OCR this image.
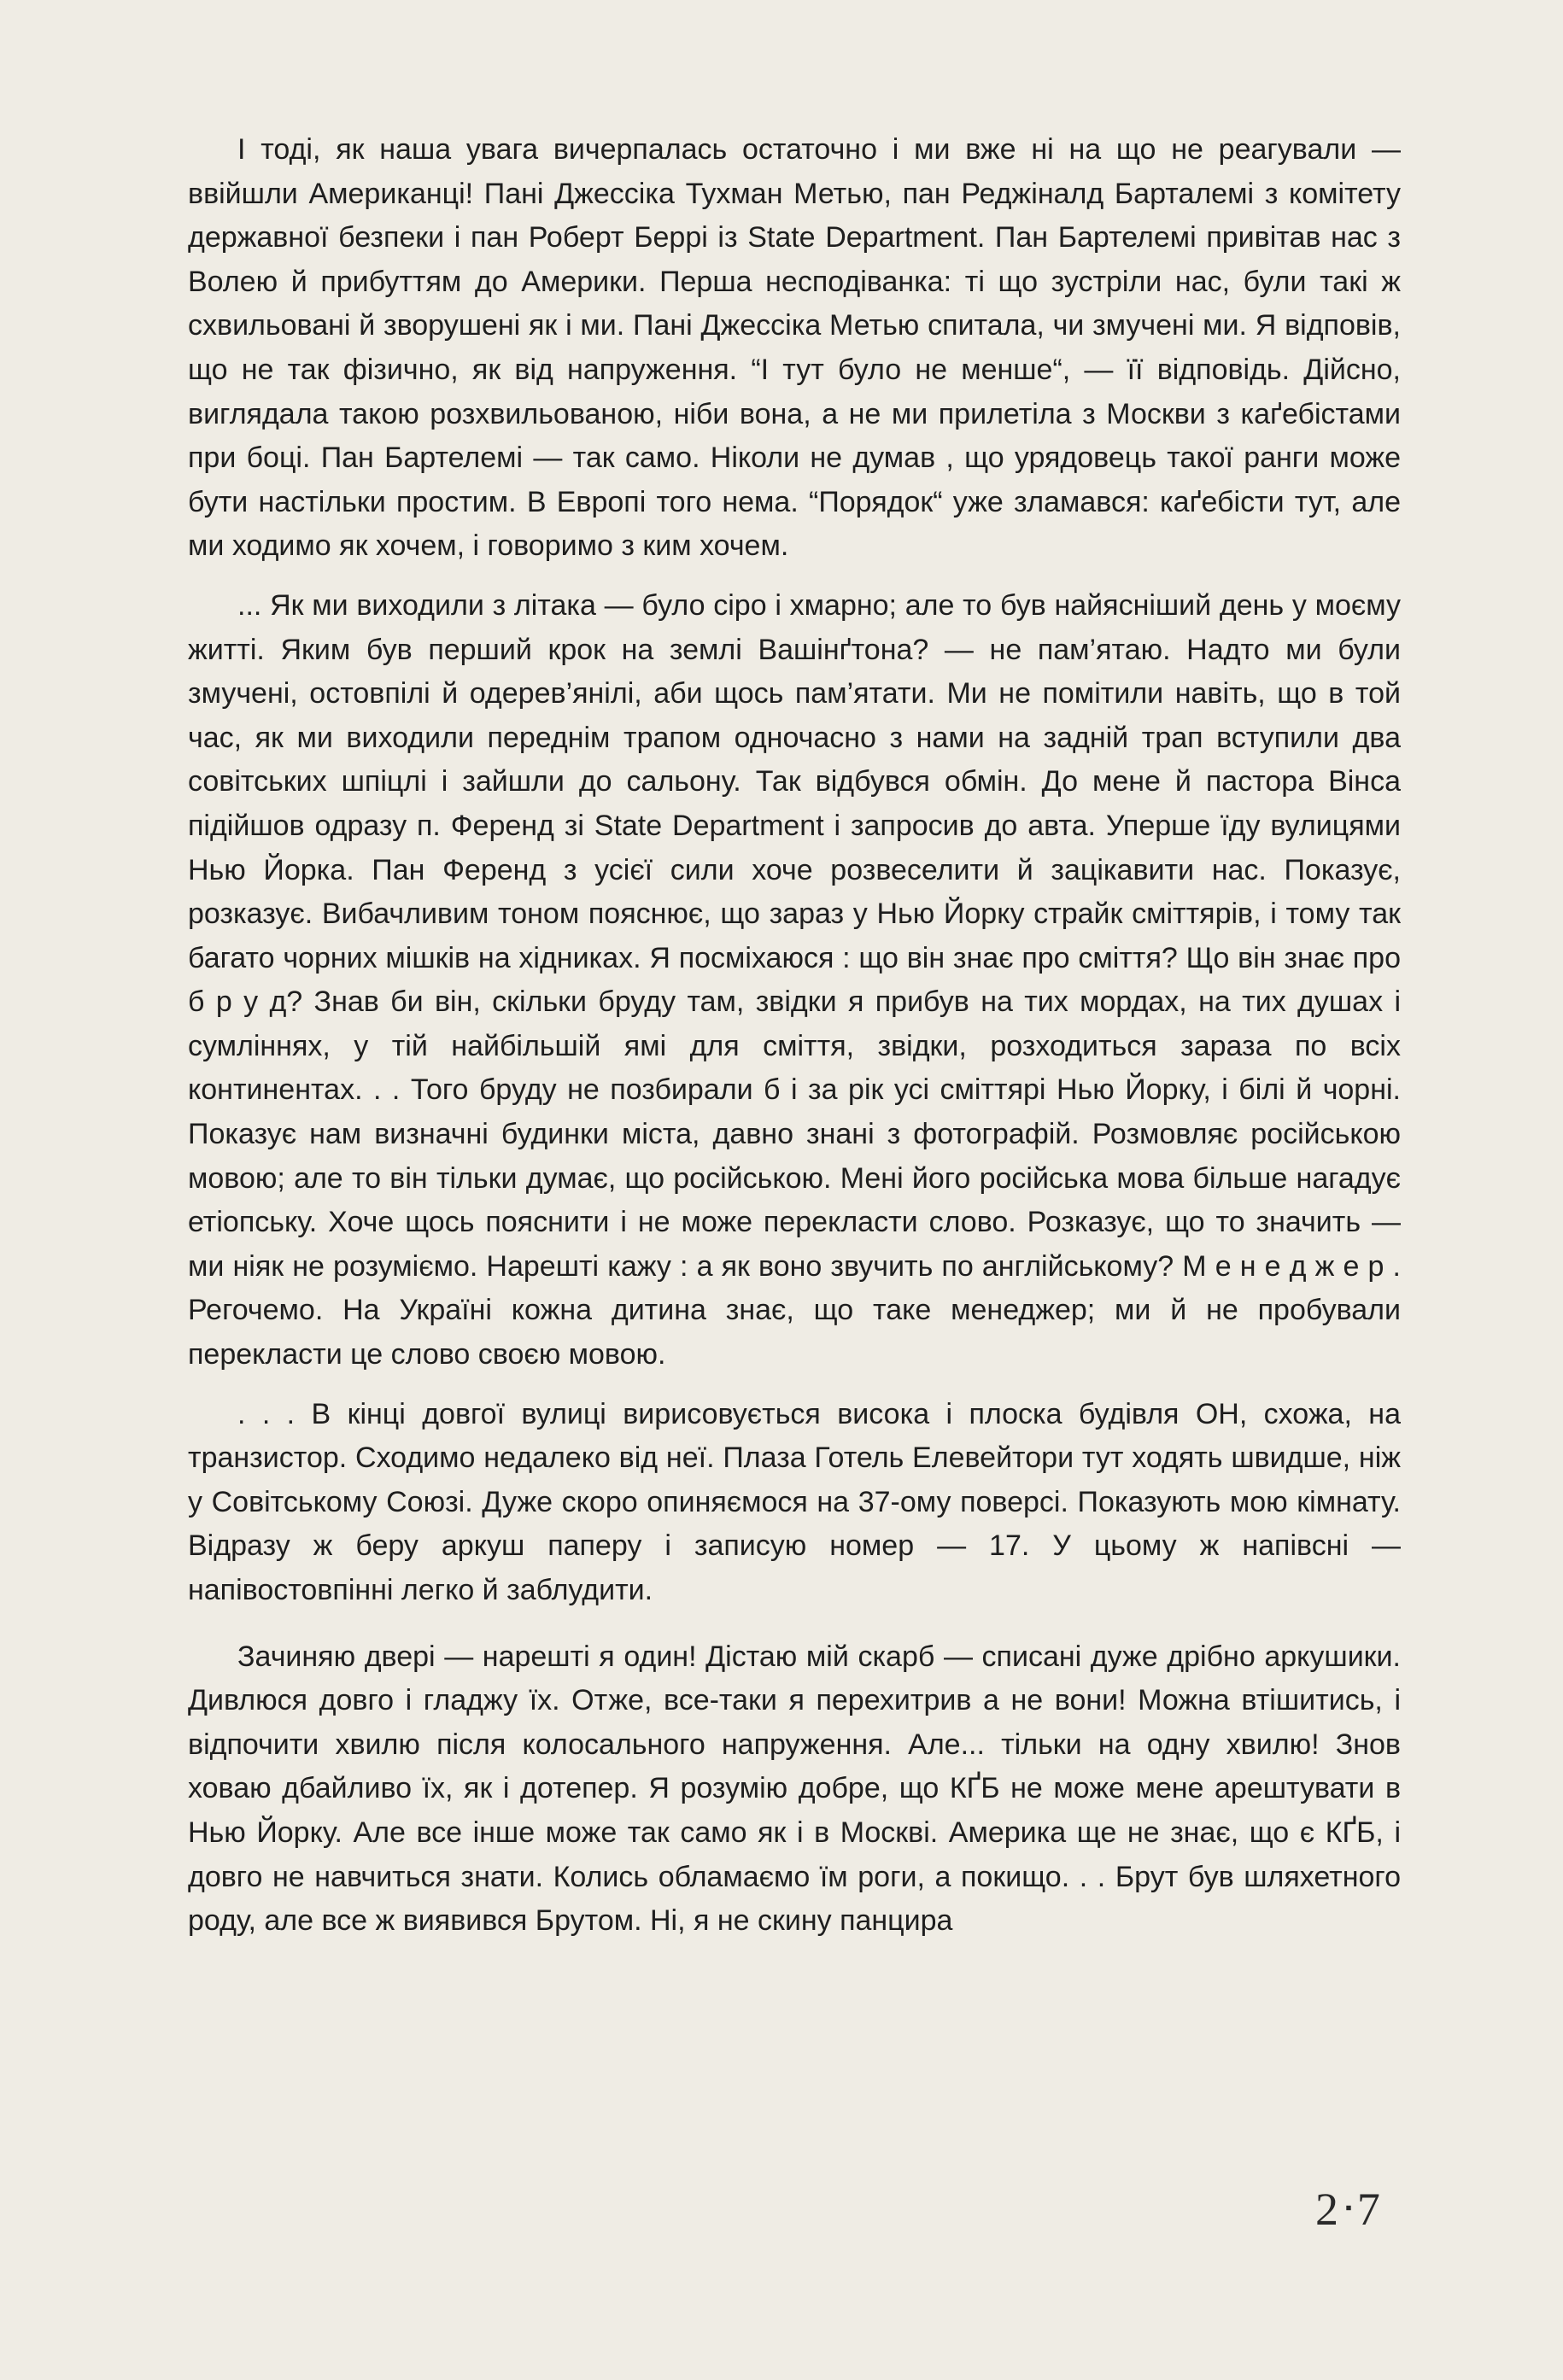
І тоді, як наша увага вичерпалась остаточно і ми вже ні на що не реагували — ввійшли Американці! Пані Джессіка Тухман Метью, пан Реджіналд Барталемі з комітету державної безпеки і пан Роберт Беррі із State Department. Пан Бартелемі привітав нас з Волею й прибуттям до Америки. Перша несподіванка: ті що зустріли нас, були такі ж схвильовані й зворушені як і ми. Пані Джессіка Метью спитала, чи змучені ми. Я відповів, що не так фізично, як від напруження. “І тут було не менше“, — її відповідь. Дійсно, виглядала такою розхвильованою, ніби вона, а не ми прилетіла з Москви з каґебістами при боці. Пан Бартелемі — так само. Ніколи не думав , що урядовець такої ранги може бути настільки простим. В Европі того нема. “Порядок“ уже зламався: каґебісти тут, але ми ходимо як хочем, і говоримо з ким хочем.

... Як ми виходили з літака — було сіро і хмарно; але то був найясніший день у моєму житті. Яким був перший крок на землі Вашінґтона? — не пам’ятаю. Надто ми були змучені, остовпілі й одерев’янілі, аби щось пам’ятати. Ми не помітили навіть, що в той час, як ми виходили переднім трапом одночасно з нами на задній трап вступили два совітських шпіцлі і зайшли до сальону. Так відбувся обмін. До мене й пастора Вінса підійшов одразу п. Ференд зі State Department і запросив до авта. Уперше їду вулицями Нью Йорка. Пан Ференд з усієї сили хоче розвеселити й зацікавити нас. Показує, розказує. Вибачливим тоном пояснює, що зараз у Нью Йорку страйк сміттярів, і тому так багато чорних мішків на хідниках. Я посміхаюся : що він знає про сміття? Що він знає про б р у д? Знав би він, скільки бруду там, звідки я прибув на тих мордах, на тих душах і сумліннях, у тій найбільшій ямі для сміття, звідки, розходиться зараза по всіх континентах. . . Того бруду не позбирали б і за рік усі сміттярі Нью Йорку, і білі й чорні. Показує нам визначні будинки міста, давно знані з фотографій. Розмовляє російською мовою; але то він тільки думає, що російською. Мені його російська мова більше нагадує етіопську. Хоче щось пояснити і не може перекласти слово. Розказує, що то значить — ми ніяк не розуміємо. Нарешті кажу : а як воно звучить по англійському? М е н е д ж е р . Регочемо. На Україні кожна дитина знає, що таке менеджер; ми й не пробували перекласти це слово своєю мовою.

. . . В кінці довгої вулиці вирисовується висока і плоска будівля ОН, схожа, на транзистор. Сходимо недалеко від неї. Плаза Готель Елевейтори тут ходять швидше, ніж у Совітському Союзі. Дуже скоро опиняємося на 37-ому поверсі. Показують мою кімнату. Відразу ж беру аркуш паперу і записую номер — 17. У цьому ж напівсні — напівостовпінні легко й заблудити.

Зачиняю двері — нарешті я один! Дістаю мій скарб — списані дуже дрібно аркушики. Дивлюся довго і гладжу їх. Отже, все-таки я перехитрив а не вони! Можна втішитись, і відпочити хвилю після колосального напруження. Але... тільки на одну хвилю! Знов ховаю дбайливо їх, як і дотепер. Я розумію добре, що КҐБ не може мене арештувати в Нью Йорку. Але все інше може так само як і в Москві. Америка ще не знає, що є КҐБ, і довго не навчиться знати. Колись обламаємо їм роги, а покищо. . . Брут був шляхетного роду, але все ж виявився Брутом. Ні, я не скину панцира

2ᐧ7
